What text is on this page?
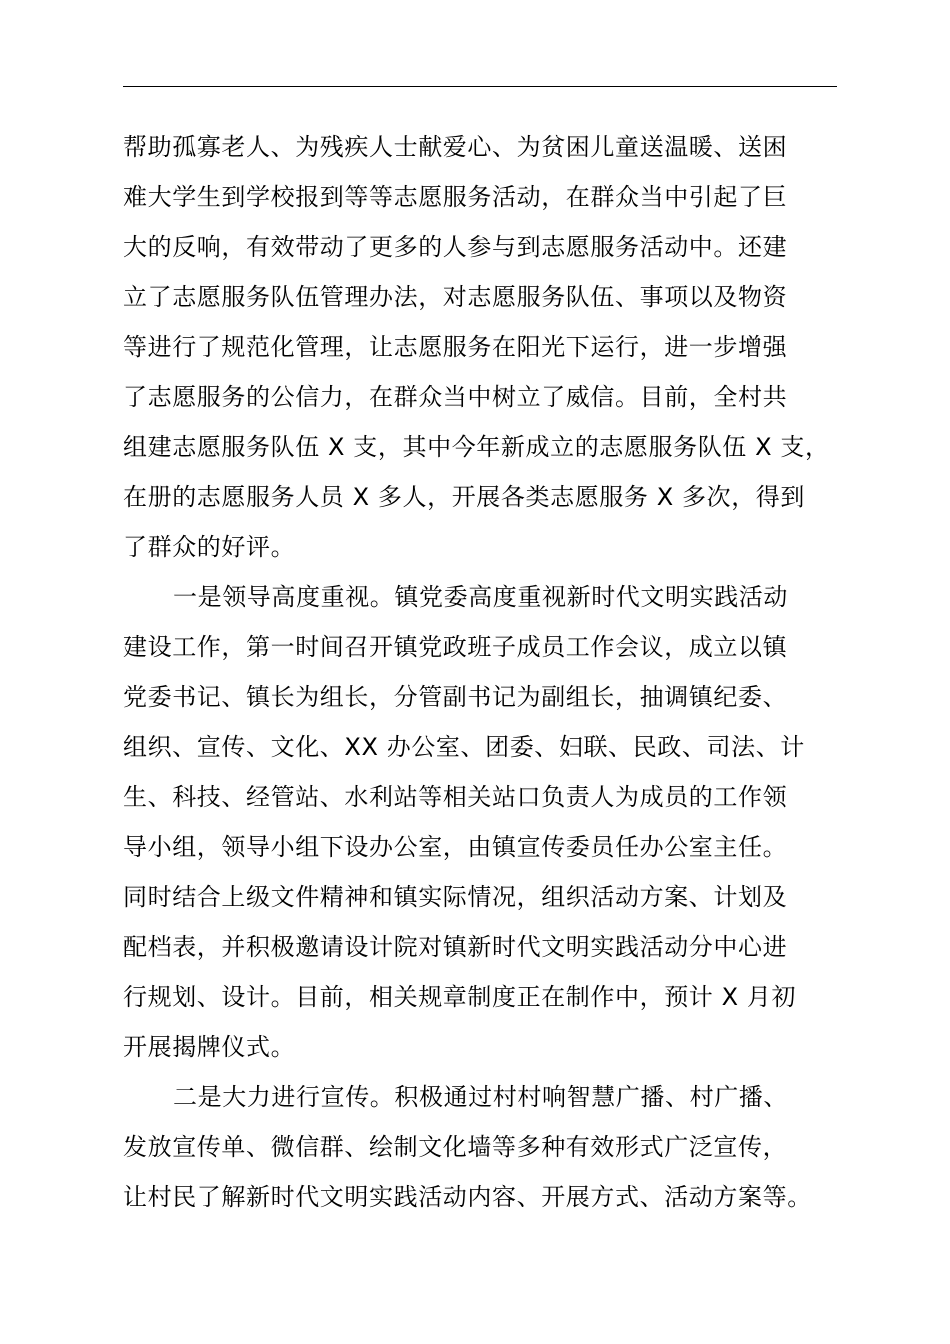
帮助孤寡老人、为残疾人士献爱心、为贫困儿童送温暖、送困
难大学生到学校报到等等志愿服务活动，在群众当中引起了巨
大的反响，有效带动了更多的人参与到志愿服务活动中。还建
立了志愿服务队伍管理办法，对志愿服务队伍、事项以及物资
等进行了规范化管理，让志愿服务在阳光下运行，进一步增强
了志愿服务的公信力，在群众当中树立了威信。目前，全村共
组建志愿服务队伍 X 支，其中今年新成立的志愿服务队伍 X 支，
在册的志愿服务人员 X 多人，开展各类志愿服务 X 多次，得到
了群众的好评。
一是领导高度重视。镇党委高度重视新时代文明实践活动
建设工作，第一时间召开镇党政班子成员工作会议，成立以镇
党委书记、镇长为组长，分管副书记为副组长，抽调镇纪委、
组织、宣传、文化、XX 办公室、团委、妇联、民政、司法、计
生、科技、经管站、水利站等相关站口负责人为成员的工作领
导小组，领导小组下设办公室，由镇宣传委员任办公室主任。
同时结合上级文件精神和镇实际情况，组织活动方案、计划及
配档表，并积极邀请设计院对镇新时代文明实践活动分中心进
行规划、设计。目前，相关规章制度正在制作中，预计 X 月初
开展揭牌仪式。
二是大力进行宣传。积极通过村村响智慧广播、村广播、
发放宣传单、微信群、绘制文化墙等多种有效形式广泛宣传，
让村民了解新时代文明实践活动内容、开展方式、活动方案等。
